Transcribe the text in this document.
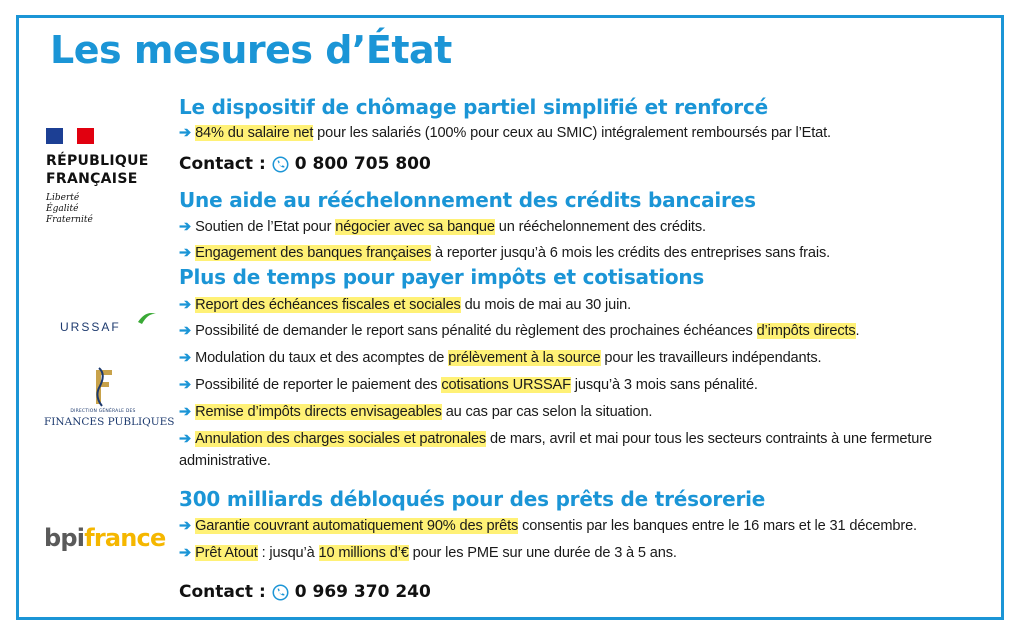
Les mesures d’État
RÉPUBLIQUE
FRANÇAISE
Liberté
Égalité
Fraternité
URSSAF
DIRECTION GÉNÉRALE DES
FINANCES PUBLIQUES
bpifrance
Le dispositif de chômage partiel simplifié et renforcé
➔ 84% du salaire net pour les salariés (100% pour ceux au SMIC) intégralement remboursés par l’Etat.
Contact : 0 800 705 800
Une aide au rééchelonnement des crédits bancaires
➔ Soutien de l’Etat pour négocier avec sa banque un rééchelonnement des crédits.
➔ Engagement des banques françaises à reporter jusqu’à 6 mois les crédits des entreprises sans frais.
Plus de temps pour payer impôts et cotisations
➔ Report des échéances fiscales et sociales du mois de mai au 30 juin.
➔ Possibilité de demander le report sans pénalité du règlement des prochaines échéances d’impôts directs.
➔ Modulation du taux et des acomptes de prélèvement à la source pour les travailleurs indépendants.
➔ Possibilité de reporter le paiement des cotisations URSSAF jusqu’à 3 mois sans pénalité.
➔ Remise d’impôts directs envisageables au cas par cas selon la situation.
➔ Annulation des charges sociales et patronales de mars, avril et mai pour tous les secteurs contraints à une fermeture administrative.
300 milliards débloqués pour des prêts de trésorerie
➔ Garantie couvrant automatiquement 90% des prêts consentis par les banques entre le 16 mars et le 31 décembre.
➔ Prêt Atout : jusqu’à 10 millions d’€ pour les PME sur une durée de 3 à 5 ans.
Contact : 0 969 370 240
